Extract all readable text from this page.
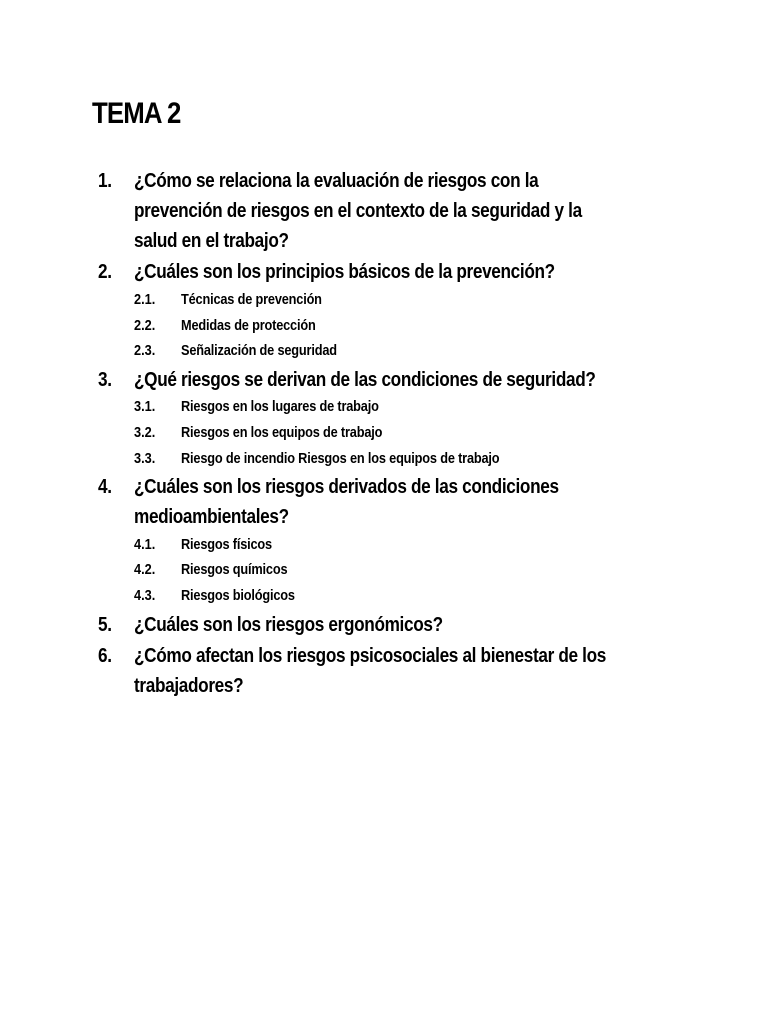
TEMA 2
1. ¿Cómo se relaciona la evaluación de riesgos con la
prevención de riesgos en el contexto de la seguridad y la
salud en el trabajo?
2. ¿Cuáles son los principios básicos de la prevención?
2.1. Técnicas de prevención
2.2. Medidas de protección
2.3. Señalización de seguridad
3. ¿Qué riesgos se derivan de las condiciones de seguridad?
3.1. Riesgos en los lugares de trabajo
3.2. Riesgos en los equipos de trabajo
3.3. Riesgo de incendio Riesgos en los equipos de trabajo
4. ¿Cuáles son los riesgos derivados de las condiciones
medioambientales?
4.1. Riesgos físicos
4.2. Riesgos químicos
4.3. Riesgos biológicos
5. ¿Cuáles son los riesgos ergonómicos?
6. ¿Cómo afectan los riesgos psicosociales al bienestar de los
trabajadores?
